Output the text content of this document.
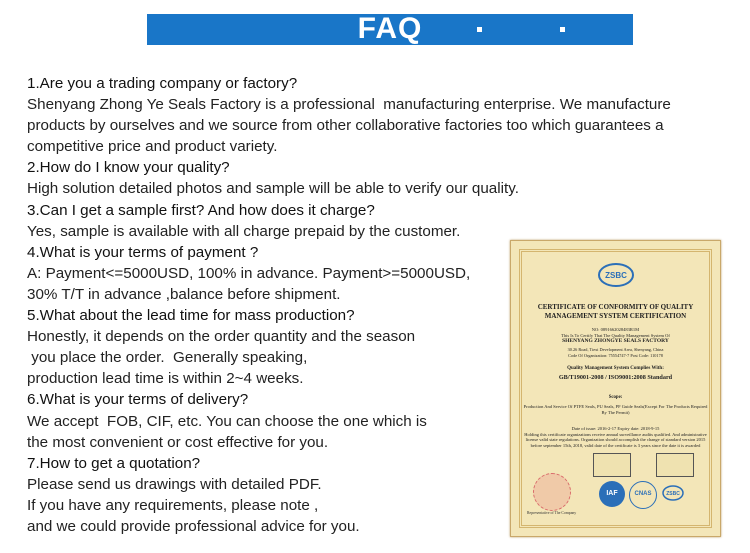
FAQ
1.Are you a trading company or factory?
Shenyang Zhong Ye Seals Factory is a professional  manufacturing enterprise. We manufacture
products by ourselves and we source from other collaborative factories too which guarantees a
competitive price and product variety.
2.How do I know your quality?
High solution detailed photos and sample will be able to verify our quality.
3.Can I get a sample first? And how does it charge?
Yes, sample is available with all charge prepaid by the customer.
4.What is your terms of payment ?
A: Payment<=5000USD, 100% in advance. Payment>=5000USD,
30% T/T in advance ,balance before shipment.
5.What about the lead time for mass production?
Honestly, it depends on the order quantity and the season
you place the order.  Generally speaking,
production lead time is within 2~4 weeks.
6.What is your terms of delivery?
We accept  FOB, CIF, etc. You can choose the one which is
the most convenient or cost effective for you.
7.How to get a quotation?
Please send us drawings with detailed PDF.
If you have any requirements, please note ,
and we could provide professional advice for you.
ZSBC
CERTIFICATE OF CONFORMITY OF QUALITY MANAGEMENT SYSTEM CERTIFICATION
NO: 0891662028483R1M
This Is To Certify That The Quality Management System Of
SHENYANG ZHONGYE SEALS FACTORY
30.26 Road, Tiexi Development Area, Shenyang, China
Code Of Organization: 75554747-7 Post Code: 110178
Quality Management System Complies With:
GB/T19001-2008 / ISO9001:2008 Standard
Scope:
Production And Service Of PTFE Seals, PU Seals, PF Guide Seals(Except For The Products Required By The Permit)
Date of issue: 2016-2-17 Expiry date: 2018-9-15
Holding this certificate organizations receive annual surveillance audits qualified. And administrative license valid state regulations. Organization should accomplish the change of standard version 2015 before september 15th, 2018, valid date of the certificate is 3 years since the date it is awarded
IAF	CNAS	ZSBC
Representative of The Company
